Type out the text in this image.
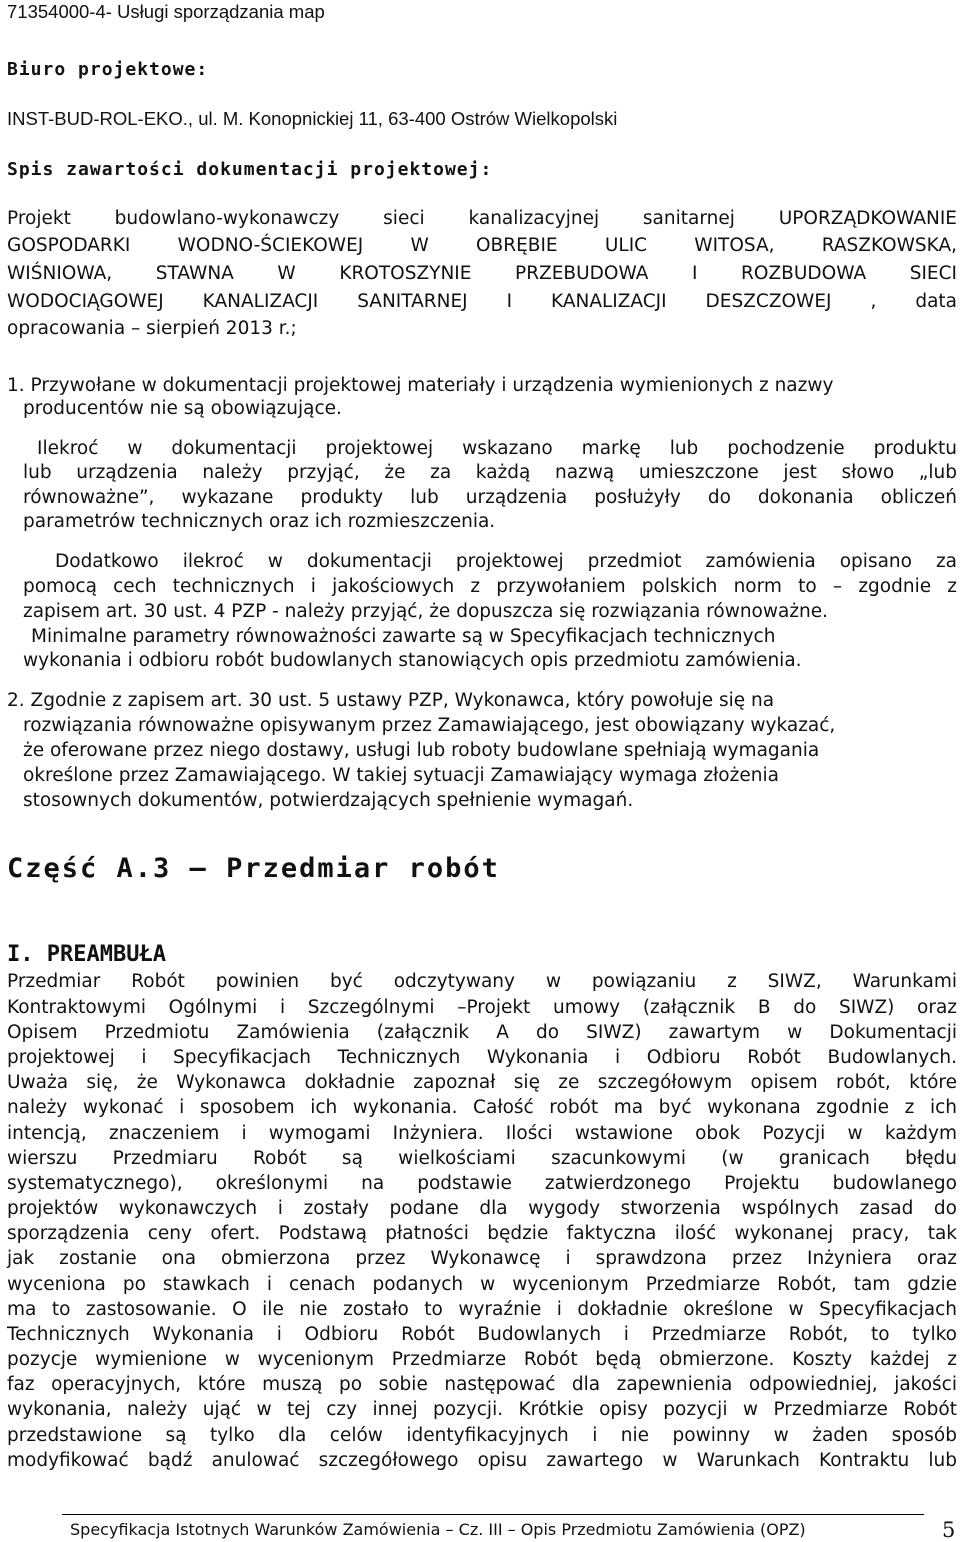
71354000-4- Usługi sporządzania map
Biuro projektowe:
INST-BUD-ROL-EKO., ul. M. Konopnickiej 11, 63-400 Ostrów Wielkopolski
Spis zawartości dokumentacji projektowej:
Projekt budowlano-wykonawczy sieci kanalizacyjnej sanitarnej UPORZĄDKOWANIE
GOSPODARKI WODNO-ŚCIEKOWEJ W OBRĘBIE ULIC WITOSA, RASZKOWSKA,
WIŚNIOWA, STAWNA W KROTOSZYNIE PRZEBUDOWA I ROZBUDOWA SIECI
WODOCIĄGOWEJ KANALIZACJI SANITARNEJ I KANALIZACJI DESZCZOWEJ , data
opracowania – sierpień 2013 r.;
1. Przywołane w dokumentacji projektowej materiały i urządzenia wymienionych z nazwy
producentów nie są obowiązujące.
Ilekroć w dokumentacji projektowej wskazano markę lub pochodzenie produktu
lub urządzenia należy przyjąć, że za każdą nazwą umieszczone jest słowo „lub
równoważne”, wykazane produkty lub urządzenia posłużyły do dokonania obliczeń
parametrów technicznych oraz ich rozmieszczenia.
Dodatkowo ilekroć w dokumentacji projektowej przedmiot zamówienia opisano za
pomocą cech technicznych i jakościowych z przywołaniem polskich norm to – zgodnie z
zapisem art. 30 ust. 4 PZP - należy przyjąć, że dopuszcza się rozwiązania równoważne.
Minimalne parametry równoważności zawarte są w Specyfikacjach technicznych
wykonania i odbioru robót budowlanych stanowiących opis przedmiotu zamówienia.
2. Zgodnie z zapisem art. 30 ust. 5 ustawy PZP, Wykonawca, który powołuje się na
rozwiązania równoważne opisywanym przez Zamawiającego, jest obowiązany wykazać,
że oferowane przez niego dostawy, usługi lub roboty budowlane spełniają wymagania
określone przez Zamawiającego. W takiej sytuacji Zamawiający wymaga złożenia
stosownych dokumentów, potwierdzających spełnienie wymagań.
Część A.3 – Przedmiar robót
I. PREAMBUŁA
Przedmiar Robót powinien być odczytywany w powiązaniu z SIWZ, Warunkami
Kontraktowymi Ogólnymi i Szczególnymi –Projekt umowy (załącznik B do SIWZ) oraz
Opisem Przedmiotu Zamówienia (załącznik A do SIWZ) zawartym w Dokumentacji
projektowej i Specyfikacjach Technicznych Wykonania i Odbioru Robót Budowlanych.
Uważa się, że Wykonawca dokładnie zapoznał się ze szczegółowym opisem robót, które
należy wykonać i sposobem ich wykonania. Całość robót ma być wykonana zgodnie z ich
intencją, znaczeniem i wymogami Inżyniera. Ilości wstawione obok Pozycji w każdym
wierszu Przedmiaru Robót są wielkościami szacunkowymi (w granicach błędu
systematycznego), określonymi na podstawie zatwierdzonego Projektu budowlanego
projektów wykonawczych i zostały podane dla wygody stworzenia wspólnych zasad do
sporządzenia ceny ofert. Podstawą płatności będzie faktyczna ilość wykonanej pracy, tak
jak zostanie ona obmierzona przez Wykonawcę i sprawdzona przez Inżyniera oraz
wyceniona po stawkach i cenach podanych w wycenionym Przedmiarze Robót, tam gdzie
ma to zastosowanie. O ile nie zostało to wyraźnie i dokładnie określone w Specyfikacjach
Technicznych Wykonania i Odbioru Robót Budowlanych i Przedmiarze Robót, to tylko
pozycje wymienione w wycenionym Przedmiarze Robót będą obmierzone. Koszty każdej z
faz operacyjnych, które muszą po sobie następować dla zapewnienia odpowiedniej, jakości
wykonania, należy ująć w tej czy innej pozycji. Krótkie opisy pozycji w Przedmiarze Robót
przedstawione są tylko dla celów identyfikacyjnych i nie powinny w żaden sposób
modyfikować bądź anulować szczegółowego opisu zawartego w Warunkach Kontraktu lub
Specyfikacja Istotnych Warunków Zamówienia – Cz. III – Opis Przedmiotu Zamówienia (OPZ)	5
